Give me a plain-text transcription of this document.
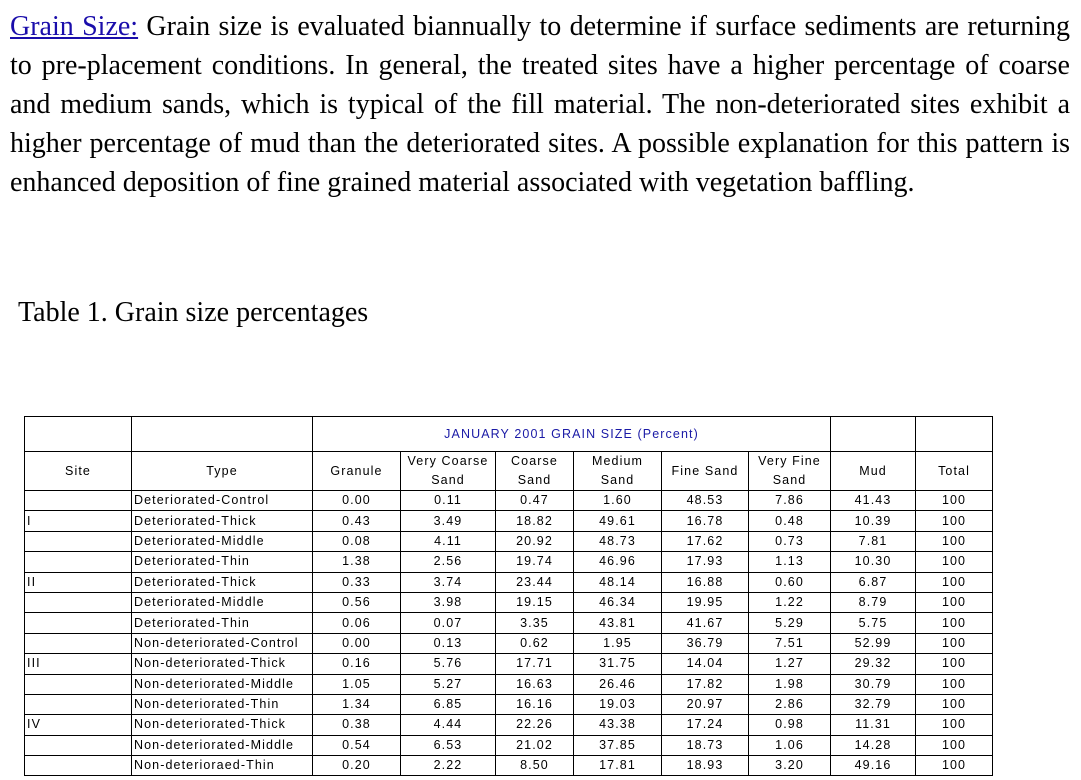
Grain Size: Grain size is evaluated biannually to determine if surface sediments are returning to pre-placement conditions. In general, the treated sites have a higher percentage of coarse and medium sands, which is typical of the fill material. The non-deteriorated sites exhibit a higher percentage of mud than the deteriorated sites. A possible explanation for this pattern is enhanced deposition of fine grained material associated with vegetation baffling.

Table 1. Grain size percentages

		JANUARY 2001 GRAIN SIZE (Percent)							
Site	Type	Granule	Very Coarse Sand	Coarse Sand	Medium Sand	Fine Sand	Very Fine Sand	Mud	Total
	Deteriorated-Control	0.00	0.11	0.47	1.60	48.53	7.86	41.43	100
I	Deteriorated-Thick	0.43	3.49	18.82	49.61	16.78	0.48	10.39	100
	Deteriorated-Middle	0.08	4.11	20.92	48.73	17.62	0.73	7.81	100
	Deteriorated-Thin	1.38	2.56	19.74	46.96	17.93	1.13	10.30	100
II	Deteriorated-Thick	0.33	3.74	23.44	48.14	16.88	0.60	6.87	100
	Deteriorated-Middle	0.56	3.98	19.15	46.34	19.95	1.22	8.79	100
	Deteriorated-Thin	0.06	0.07	3.35	43.81	41.67	5.29	5.75	100
	Non-deteriorated-Control	0.00	0.13	0.62	1.95	36.79	7.51	52.99	100
III	Non-deteriorated-Thick	0.16	5.76	17.71	31.75	14.04	1.27	29.32	100
	Non-deteriorated-Middle	1.05	5.27	16.63	26.46	17.82	1.98	30.79	100
	Non-deteriorated-Thin	1.34	6.85	16.16	19.03	20.97	2.86	32.79	100
IV	Non-deteriorated-Thick	0.38	4.44	22.26	43.38	17.24	0.98	11.31	100
	Non-deteriorated-Middle	0.54	6.53	21.02	37.85	18.73	1.06	14.28	100
	Non-deterioraed-Thin	0.20	2.22	8.50	17.81	18.93	3.20	49.16	100
